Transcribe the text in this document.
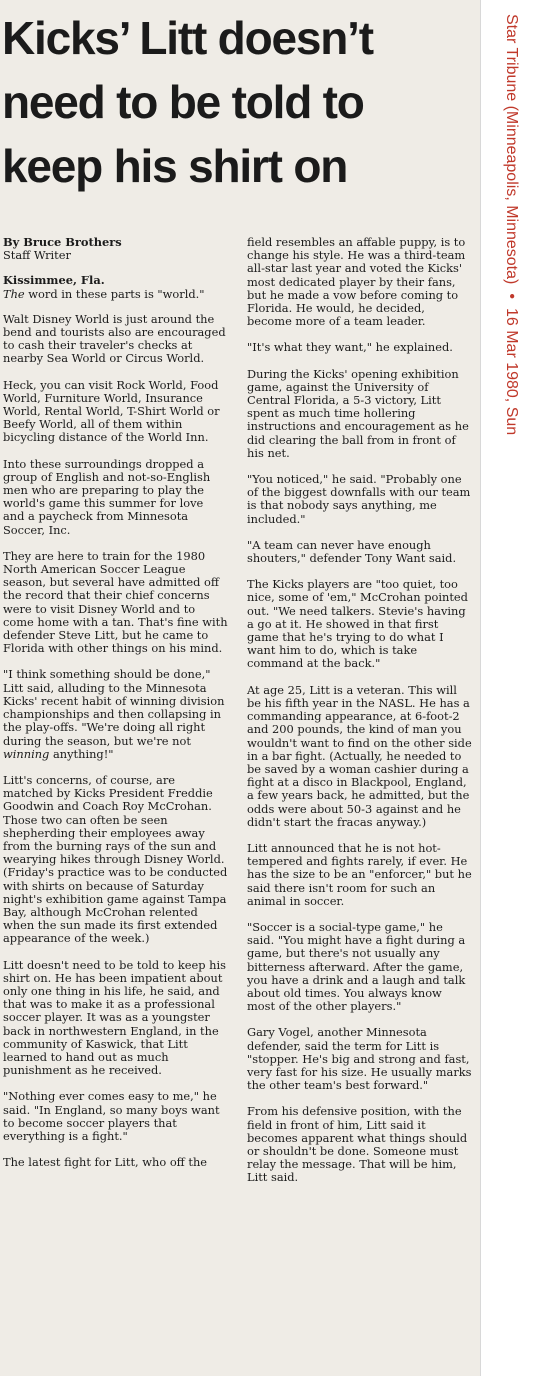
Kicks’ Litt doesn’t
need to be told to
keep his shirt on
By Bruce Brothers
Staff Writer
Kissimmee, Fla.

The word in these parts is "world."

Walt Disney World is just around the bend and tourists also are encouraged to cash their traveler's checks at nearby Sea World or Circus World.

Heck, you can visit Rock World, Food World, Furniture World, Insurance World, Rental World, T-Shirt World or Beefy World, all of them within bicycling distance of the World Inn.

Into these surroundings dropped a group of English and not-so-English men who are preparing to play the world's game this summer for love and a paycheck from Minnesota Soccer, Inc.

They are here to train for the 1980 North American Soccer League season, but several have admitted off the record that their chief concerns were to visit Disney World and to come home with a tan. That's fine with defender Steve Litt, but he came to Florida with other things on his mind.

"I think something should be done," Litt said, alluding to the Minnesota Kicks' recent habit of winning division championships and then collapsing in the play-offs. "We're doing all right during the season, but we're not winning anything!"

Litt's concerns, of course, are matched by Kicks President Freddie Goodwin and Coach Roy McCrohan. Those two can often be seen shepherding their employees away from the burning rays of the sun and wearying hikes through Disney World. (Friday's practice was to be conducted with shirts on because of Saturday night's exhibition game against Tampa Bay, although McCrohan relented when the sun made its first extended appearance of the week.)

Litt doesn't need to be told to keep his shirt on. He has been impatient about only one thing in his life, he said, and that was to make it as a professional soccer player. It was as a youngster back in northwestern England, in the community of Kaswick, that Litt learned to hand out as much punishment as he received.

"Nothing ever comes easy to me," he said. "In England, so many boys want to become soccer players that everything is a fight."

The latest fight for Litt, who off the

field resembles an affable puppy, is to change his style. He was a third-team all-star last year and voted the Kicks' most dedicated player by their fans, but he made a vow before coming to Florida. He would, he decided, become more of a team leader.

"It's what they want," he explained.

During the Kicks' opening exhibition game, against the University of Central Florida, a 5-3 victory, Litt spent as much time hollering instructions and encouragement as he did clearing the ball from in front of his net.

"You noticed," he said. "Probably one of the biggest downfalls with our team is that nobody says anything, me included."

"A team can never have enough shouters," defender Tony Want said.

The Kicks players are "too quiet, too nice, some of 'em," McCrohan pointed out. "We need talkers. Stevie's having a go at it. He showed in that first game that he's trying to do what I want him to do, which is take command at the back."

At age 25, Litt is a veteran. This will be his fifth year in the NASL. He has a commanding appearance, at 6-foot-2 and 200 pounds, the kind of man you wouldn't want to find on the other side in a bar fight. (Actually, he needed to be saved by a woman cashier during a fight at a disco in Blackpool, England, a few years back, he admitted, but the odds were about 50-3 against and he didn't start the fracas anyway.)

Litt announced that he is not hot-tempered and fights rarely, if ever. He has the size to be an "enforcer," but he said there isn't room for such an animal in soccer.

"Soccer is a social-type game," he said. "You might have a fight during a game, but there's not usually any bitterness afterward. After the game, you have a drink and a laugh and talk about old times. You always know most of the other players."

Gary Vogel, another Minnesota defender, said the term for Litt is "stopper. He's big and strong and fast, very fast for his size. He usually marks the other team's best forward."

From his defensive position, with the field in front of him, Litt said it becomes apparent what things should or shouldn't be done. Someone must relay the message. That will be him, Litt said.

Star Tribune (Minneapolis, Minnesota)•16 Mar 1980, Sun
